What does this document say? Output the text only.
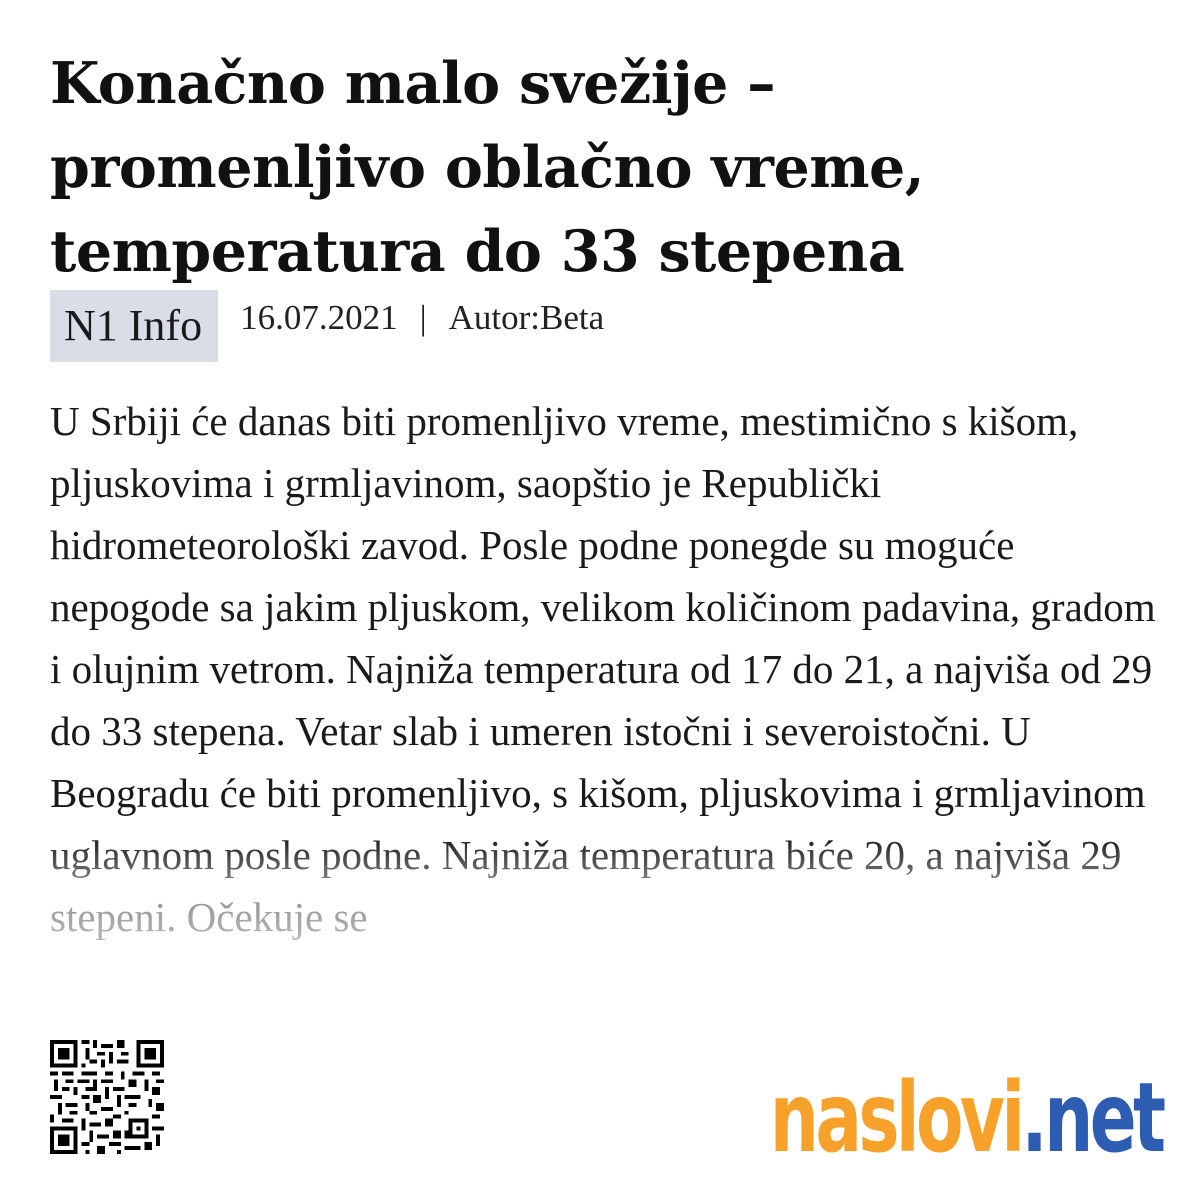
Konačno malo svežije – promenljivo oblačno vreme, temperatura do 33 stepena
N1 Info	16.07.2021 | Autor:Beta

U Srbiji će danas biti promenljivo vreme, mestimično s kišom, pljuskovima i grmljavinom, saopštio je Republički hidrometeorološki zavod. Posle podne ponegde su moguće nepogode sa jakim pljuskom, velikom količinom padavina, gradom i olujnim vetrom. Najniža temperatura od 17 do 21, a najviša od 29 do 33 stepena. Vetar slab i umeren istočni i severoistočni. U Beogradu će biti promenljivo, s kišom, pljuskovima i grmljavinom uglavnom posle podne. Najniža temperatura biće 20, a najviša 29 stepeni. Očekuje se

naslovi.net
